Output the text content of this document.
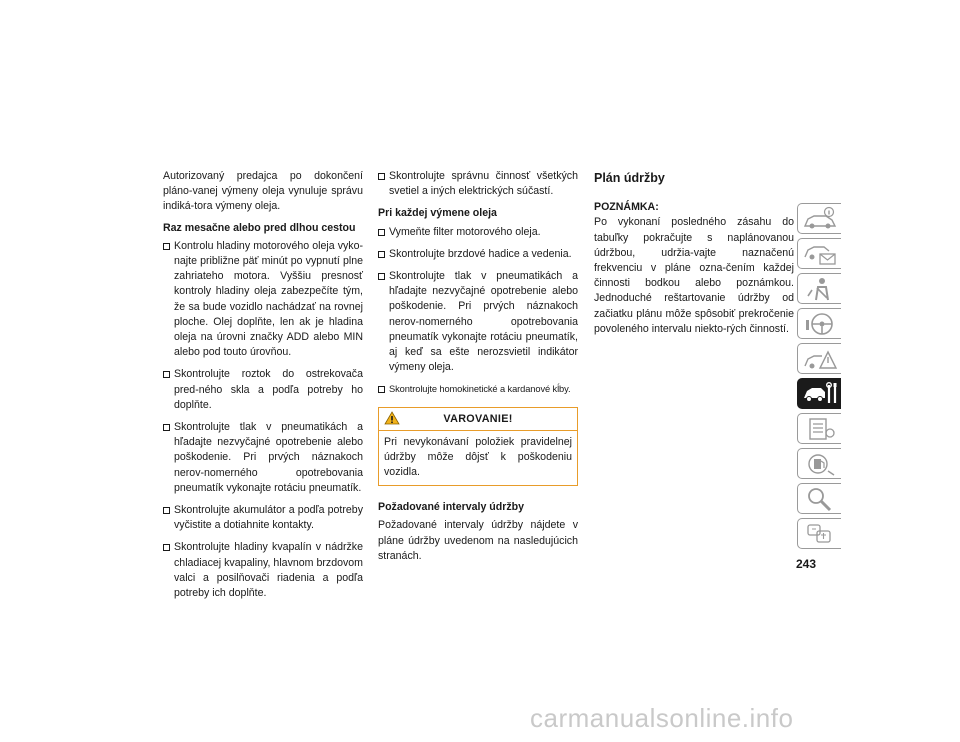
Autorizovaný predajca po dokončení pláno-vanej výmeny oleja vynuluje správu indiká-tora výmeny oleja.

Raz mesačne alebo pred dlhou cestou

Kontrolu hladiny motorového oleja vyko-najte približne päť minút po vypnutí plne zahriateho motora. Vyššiu presnosť kontroly hladiny oleja zabezpečíte tým, že sa bude vozidlo nachádzať na rovnej ploche. Olej doplňte, len ak je hladina oleja na úrovni značky ADD alebo MIN alebo pod touto úrovňou.
Skontrolujte roztok do ostrekovača pred-ného skla a podľa potreby ho doplňte.
Skontrolujte tlak v pneumatikách a hľadajte nezvyčajné opotrebenie alebo poškodenie. Pri prvých náznakoch nerov-nomerného opotrebovania pneumatík vykonajte rotáciu pneumatík.
Skontrolujte akumulátor a podľa potreby vyčistite a dotiahnite kontakty.
Skontrolujte hladiny kvapalín v nádržke chladiacej kvapaliny, hlavnom brzdovom valci a posilňovači riadenia a podľa potreby ich doplňte.
Skontrolujte správnu činnosť všetkých svetiel a iných elektrických súčastí.

Pri každej výmene oleja

Vymeňte filter motorového oleja.
Skontrolujte brzdové hadice a vedenia.
Skontrolujte tlak v pneumatikách a hľadajte nezvyčajné opotrebenie alebo poškodenie. Pri prvých náznakoch nerov-nomerného opotrebovania pneumatík vykonajte rotáciu pneumatík, aj keď sa ešte nerozsvietil indikátor výmeny oleja.
Skontrolujte homokinetické a kardanové kĺby.
VAROVANIE!
Pri nevykonávaní položiek pravidelnej údržby môže dôjsť k poškodeniu vozidla.

Požadované intervaly údržby

Požadované intervaly údržby nájdete v pláne údržby uvedenom na nasledujúcich stranách.

Plán údržby

POZNÁMKA:

Po vykonaní posledného zásahu do tabuľky pokračujte s naplánovanou údržbou, udržia-vajte naznačenú frekvenciu v pláne ozna-čením každej činnosti bodkou alebo poznámkou. Jednoduché reštartovanie údržby od začiatku plánu môže spôsobiť prekročenie povoleného intervalu niekto-rých činností.

243
carmanualsonline.info
